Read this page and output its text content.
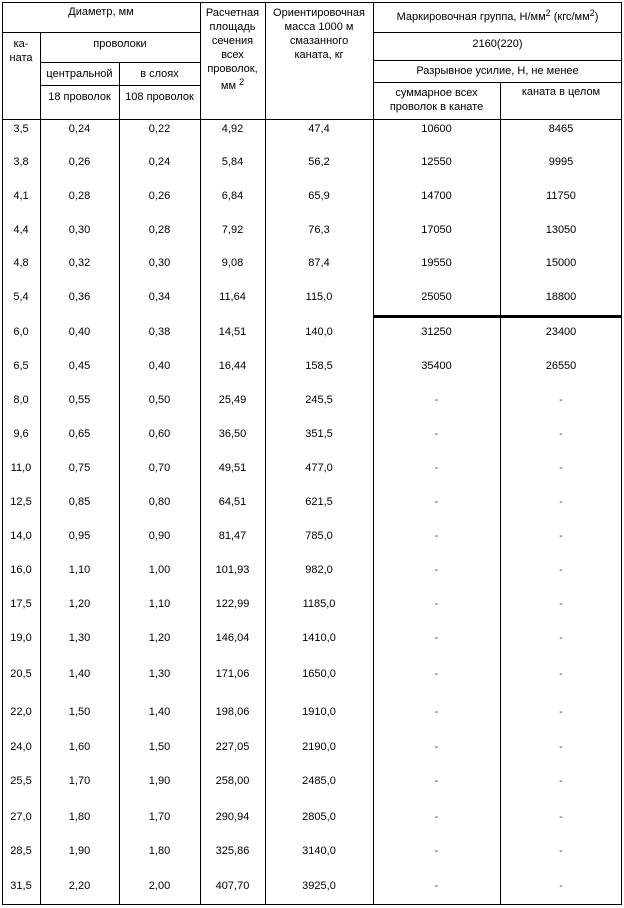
Диаметр, мм
ка-
ната
проволоки
центральной	в слоях
18 проволок	108 проволок
Расчетная
площадь
сечения
всех
проволок,
мм $^2$
Ориентировочная
масса 1000 м
смазанного
каната, кг
Маркировочная группа, $Н/мм^2$ $(кгс/мм^2)$
2160(220)
Разрывное усилие, Н, не менее
суммарное всех
проволок в канате
каната в целом
3,5	0,24	0,22	4,92	47,4	10600	8465
3,8	0,26	0,24	5,84	56,2	12550	9995
4,1	0,28	0,26	6,84	65,9	14700	11750
4,4	0,30	0,28	7,92	76,3	17050	13050
4,8	0,32	0,30	9,08	87,4	19550	15000
5,4	0,36	0,34	11,64	115,0	25050	18800
6,0	0,40	0,38	14,51	140,0	31250	23400
6,5	0,45	0,40	16,44	158,5	35400	26550
8,0	0,55	0,50	25,49	245,5	-	-
9,6	0,65	0,60	36,50	351,5	-	-
11,0	0,75	0,70	49,51	477,0	-	-
12,5	0,85	0,80	64,51	621,5	-	-
14,0	0,95	0,90	81,47	785,0	-	-
16,0	1,10	1,00	101,93	982,0	-	-
17,5	1,20	1,10	122,99	1185,0	-	-
19,0	1,30	1,20	146,04	1410,0	-	-
20,5	1,40	1,30	171,06	1650,0	-	-
22,0	1,50	1,40	198,06	1910,0	-	-
24,0	1,60	1,50	227,05	2190,0	-	-
25,5	1,70	1,90	258,00	2485,0	-	-
27,0	1,80	1,70	290,94	2805,0	-	-
28,5	1,90	1,80	325,86	3140,0	-	-
31,5	2,20	2,00	407,70	3925,0	-	-
